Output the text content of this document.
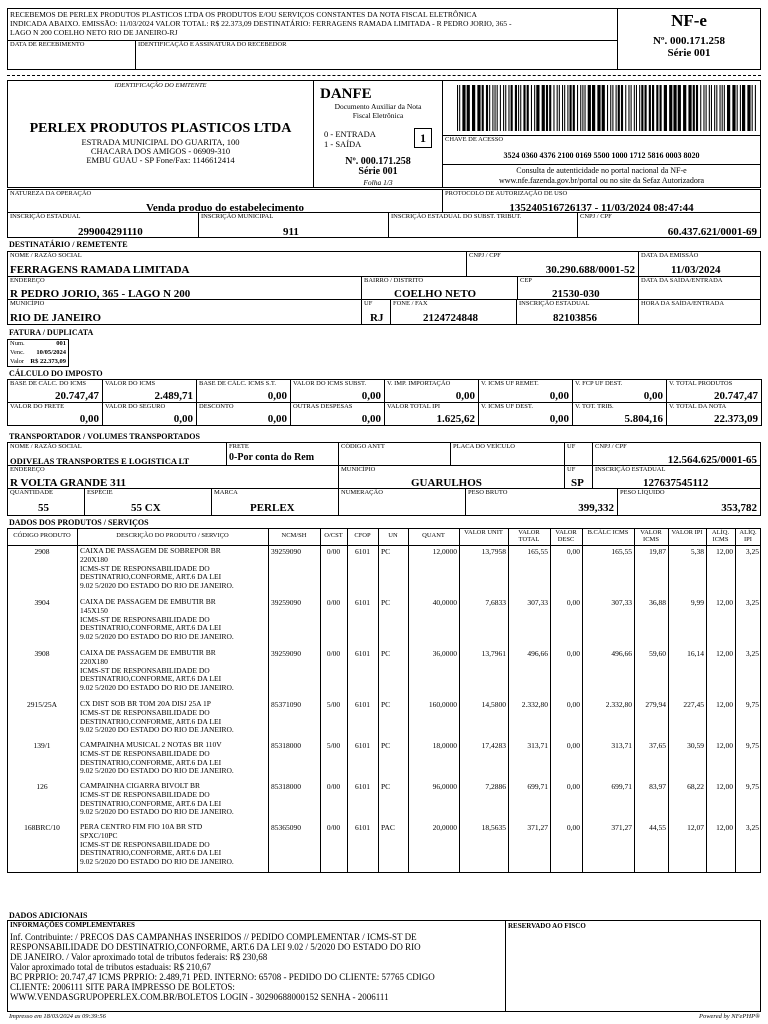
RECEBEMOS DE PERLEX PRODUTOS PLASTICOS LTDA OS PRODUTOS E/OU SERVIÇOS CONSTANTES DA NOTA FISCAL ELETRÔNICA
INDICADA ABAIXO. EMISSÃO: 11/03/2024 VALOR TOTAL: R$ 22.373,09 DESTINATÁRIO: FERRAGENS RAMADA LIMITADA - R PEDRO JORIO, 365 -
LAGO N 200 COELHO NETO RIO DE JANEIRO-RJ
DATA DE RECEBIMENTO	IDENTIFICAÇÃO E ASSINATURA DO RECEBEDOR
NF-e
Nº. 000.171.258
Série 001
IDENTIFICAÇÃO DO EMITENTE
PERLEX PRODUTOS PLASTICOS LTDA
ESTRADA MUNICIPAL DO GUARITA, 100
CHACARA DOS AMIGOS - 06909-310
EMBU GUAU - SP Fone/Fax: 1146612414
DANFE
Documento Auxiliar da Nota
Fiscal Eletrônica
0 - ENTRADA
1 - SAÍDA	1
Nº. 000.171.258
Série 001
Folha 1/3
CHAVE DE ACESSO
3524 0360 4376 2100 0169 5500 1000 1712 5816 0003 8020
Consulta de autenticidade no portal nacional da NF-e
www.nfe.fazenda.gov.br/portal ou no site da Sefaz Autorizadora
NATUREZA DA OPERAÇÃO
Venda produo do estabelecimento
PROTOCOLO DE AUTORIZAÇÃO DE USO
135240516726137 - 11/03/2024 08:47:44
INSCRIÇÃO ESTADUAL
299004291110
INSCRIÇÃO MUNICIPAL
911
INSCRIÇÃO ESTADUAL DO SUBST. TRIBUT.	CNPJ / CPF
60.437.621/0001-69
DESTINATÁRIO / REMETENTE
NOME / RAZÃO SOCIAL
FERRAGENS RAMADA LIMITADA
CNPJ / CPF
30.290.688/0001-52
DATA DA EMISSÃO
11/03/2024
ENDEREÇO
R PEDRO JORIO, 365 - LAGO N 200
BAIRRO / DISTRITO
COELHO NETO
CEP
21530-030
DATA DA SAÍDA/ENTRADA
MUNICÍPIO
RIO DE JANEIRO
UF
RJ
FONE / FAX
2124724848
INSCRIÇÃO ESTADUAL
82103856
HORA DA SAÍDA/ENTRADA
FATURA / DUPLICATA
Num.	001
Venc. 10/05/2024
Valor R$ 22.373,09
CÁLCULO DO IMPOSTO
BASE DE CÁLC. DO ICMS
20.747,47
VALOR DO ICMS
2.489,71
BASE DE CÁLC. ICMS S.T.
0,00
VALOR DO ICMS SUBST.
0,00
V. IMP. IMPORTAÇÃO
0,00
V. ICMS UF REMET.
0,00
V. FCP UF DEST.
0,00
V. TOTAL PRODUTOS
20.747,47
VALOR DO FRETE
0,00
VALOR DO SEGURO
0,00
DESCONTO
0,00
OUTRAS DESPESAS
0,00
VALOR TOTAL IPI
1.625,62
V. ICMS UF DEST.
0,00
V. TOT. TRIB.
5.804,16
V. TOTAL DA NOTA
22.373,09
TRANSPORTADOR / VOLUMES TRANSPORTADOS
NOME / RAZÃO SOCIAL
ODIVELAS TRANSPORTES E LOGISTICA LT
FRETE
0-Por conta do Rem
CÓDIGO ANTT	PLACA DO VEÍCULO	UF	CNPJ / CPF
12.564.625/0001-65
ENDEREÇO
R VOLTA GRANDE 311
MUNICÍPIO
GUARULHOS
UF
SP
INSCRIÇÃO ESTADUAL
127637545112
QUANTIDADE
55
ESPÉCIE
55 CX
MARCA
PERLEX
NUMERAÇÃO	PESO BRUTO
399,332
PESO LÍQUIDO
353,782
DADOS DOS PRODUTOS / SERVIÇOS
CÓDIGO PRODUTO	DESCRIÇÃO DO PRODUTO / SERVIÇO	NCM/SH	O/CST	CFOP	UN	QUANT	VALOR UNIT	VALOR TOTAL
VALOR DESC
B.CÁLC ICMS	VALOR ICMS
VALOR IPI	ALÍQ. ICMS
ALÍQ. IPI
2908	CAIXA DE PASSAGEM DE SOBREPOR BR
220X180
ICMS-ST DE RESPONSABILIDADE DO
DESTINATRIO,CONFORME, ART.6 DA LEI
9.02 5/2020 DO ESTADO DO RIO DE JANEIRO.
39259090	0/00	6101	PC	12,0000	13,7958	165,55	0,00	165,55	19,87	5,38	12,00	3,25
3904	CAIXA DE PASSAGEM DE EMBUTIR BR
145X150
ICMS-ST DE RESPONSABILIDADE DO
DESTINATRIO,CONFORME, ART.6 DA LEI
9.02 5/2020 DO ESTADO DO RIO DE JANEIRO.
39259090	0/00	6101	PC	40,0000	7,6833	307,33	0,00	307,33	36,88	9,99	12,00	3,25
3908	CAIXA DE PASSAGEM DE EMBUTIR BR
220X180
ICMS-ST DE RESPONSABILIDADE DO
DESTINATRIO,CONFORME, ART.6 DA LEI
9.02 5/2020 DO ESTADO DO RIO DE JANEIRO.
39259090	0/00	6101	PC	36,0000	13,7961	496,66	0,00	496,66	59,60	16,14	12,00	3,25
2915/25A	CX DIST SOB BR TOM 20A DISJ 25A 1P
ICMS-ST DE RESPONSABILIDADE DO
DESTINATRIO,CONFORME, ART.6 DA LEI
9.02 5/2020 DO ESTADO DO RIO DE JANEIRO.
85371090	5/00	6101	PC	160,0000	14,5800	2.332,80	0,00	2.332,80	279,94	227,45	12,00	9,75
139/1	CAMPAINHA MUSICAL 2 NOTAS BR 110V
ICMS-ST DE RESPONSABILIDADE DO
DESTINATRIO,CONFORME, ART.6 DA LEI
9.02 5/2020 DO ESTADO DO RIO DE JANEIRO.
85318000	5/00	6101	PC	18,0000	17,4283	313,71	0,00	313,71	37,65	30,59	12,00	9,75
126	CAMPAINHA CIGARRA BIVOLT BR
ICMS-ST DE RESPONSABILIDADE DO
DESTINATRIO,CONFORME, ART.6 DA LEI
9.02 5/2020 DO ESTADO DO RIO DE JANEIRO.
85318000	0/00	6101	PC	96,0000	7,2886	699,71	0,00	699,71	83,97	68,22	12,00	9,75
168BRC/10	PERA CENTRO FIM FIO 10A BR STD
SPXC/10PC
ICMS-ST DE RESPONSABILIDADE DO
DESTINATRIO,CONFORME, ART.6 DA LEI
9.02 5/2020 DO ESTADO DO RIO DE JANEIRO.
85365090	0/00	6101	PAC	20,0000	18,5635	371,27	0,00	371,27	44,55	12,07	12,00	3,25
DADOS ADICIONAIS
INFORMAÇÕES COMPLEMENTARES
Inf. Contribuinte: / PRECOS DAS CAMPANHAS INSERIDOS // PEDIDO COMPLEMENTAR / ICMS-ST DE
RESPONSABILIDADE DO DESTINATRIO,CONFORME, ART.6 DA LEI 9.02 / 5/2020 DO ESTADO DO RIO
DE JANEIRO. / Valor aproximado total de tributos federais: R$ 230,68
Valor aproximado total de tributos estaduais: R$ 210,67
BC PRPRIO: 20.747,47 ICMS PRPRIO: 2.489,71 PED. INTERNO: 65708 - PEDIDO DO CLIENTE: 57765 CDIGO
CLIENTE: 2006111 SITE PARA IMPRESSO DE BOLETOS:
WWW.VENDASGRUPOPERLEX.COM.BR/BOLETOS LOGIN - 30290688000152 SENHA - 2006111
RESERVADO AO FISCO
Impresso em 18/03/2024 as 09:39:56	Powered by NFePHP®
